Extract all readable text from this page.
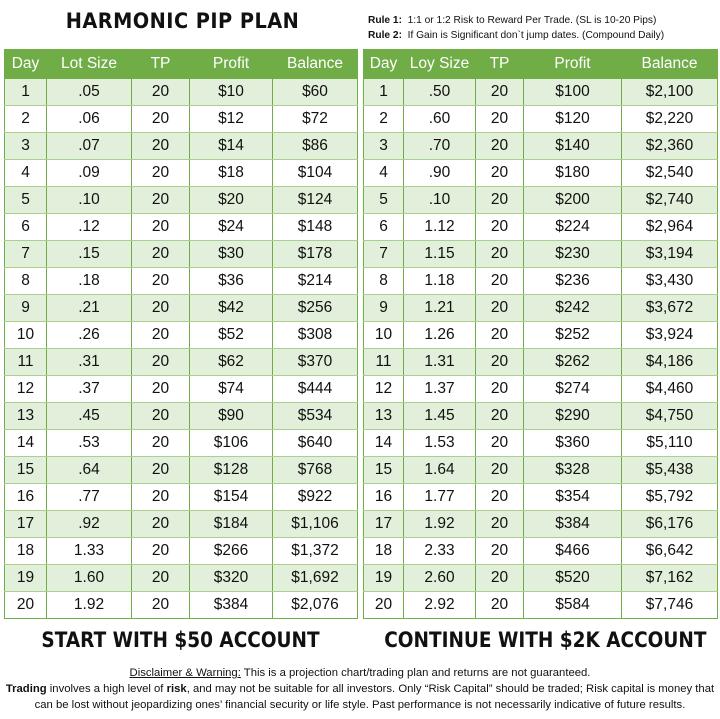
HARMONIC PIP PLAN	Rule 1: 1:1 or 1:2 Risk to Reward Per Trade. (SL is 10-20 Pips)
Rule 2: If Gain is Significant don`t jump dates. (Compound Daily)
Day	Lot Size	TP	Profit	Balance
1	.05	20	$10	$60
2	.06	20	$12	$72
3	.07	20	$14	$86
4	.09	20	$18	$104
5	.10	20	$20	$124
6	.12	20	$24	$148
7	.15	20	$30	$178
8	.18	20	$36	$214
9	.21	20	$42	$256
10	.26	20	$52	$308
11	.31	20	$62	$370
12	.37	20	$74	$444
13	.45	20	$90	$534
14	.53	20	$106	$640
15	.64	20	$128	$768
16	.77	20	$154	$922
17	.92	20	$184	$1,106
18	1.33	20	$266	$1,372
19	1.60	20	$320	$1,692
20	1.92	20	$384	$2,076
Day	Loy Size	TP	Profit	Balance
1	.50	20	$100	$2,100
2	.60	20	$120	$2,220
3	.70	20	$140	$2,360
4	.90	20	$180	$2,540
5	.10	20	$200	$2,740
6	1.12	20	$224	$2,964
7	1.15	20	$230	$3,194
8	1.18	20	$236	$3,430
9	1.21	20	$242	$3,672
10	1.26	20	$252	$3,924
11	1.31	20	$262	$4,186
12	1.37	20	$274	$4,460
13	1.45	20	$290	$4,750
14	1.53	20	$360	$5,110
15	1.64	20	$328	$5,438
16	1.77	20	$354	$5,792
17	1.92	20	$384	$6,176
18	2.33	20	$466	$6,642
19	2.60	20	$520	$7,162
20	2.92	20	$584	$7,746
START WITH $50 ACCOUNT	CONTINUE WITH $2K ACCOUNT
Disclaimer & Warning: This is a projection chart/trading plan and returns are not guaranteed.
Trading involves a high level of risk, and may not be suitable for all investors. Only “Risk Capital” should be traded; Risk capital is money that can be lost without jeopardizing ones’ financial security or life style. Past performance is not necessarily indicative of future results.
